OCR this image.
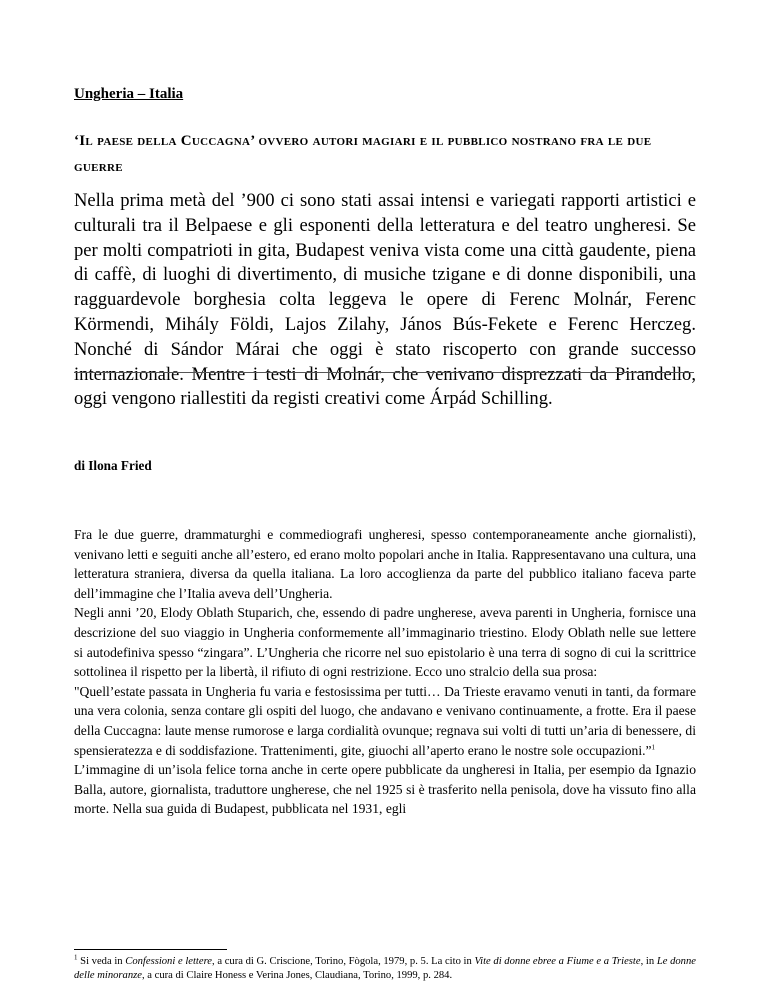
Ungheria – Italia
‘Il paese della Cuccagna’ ovvero autori magiari e il pubblico nostrano fra le due guerre
Nella prima metà del ’900 ci sono stati assai intensi e variegati rapporti artistici e culturali tra il Belpaese e gli esponenti della letteratura e del teatro ungheresi. Se per molti compatrioti in gita, Budapest veniva vista come una città gaudente, piena di caffè, di luoghi di divertimento, di musiche tzigane e di donne disponibili, una ragguardevole borghesia colta leggeva le opere di Ferenc Molnár, Ferenc Körmendi, Mihály Földi, Lajos Zilahy, János Bús-Fekete e Ferenc Herczeg. Nonché di Sándor Márai che oggi è stato riscoperto con grande successo internazionale. Mentre i testi di Molnár, che venivano disprezzati da Pirandello, oggi vengono riallestiti da registi creativi come Árpád Schilling.
di Ilona Fried

Fra le due guerre, drammaturghi e commediografi ungheresi, spesso contemporaneamente anche giornalisti), venivano letti e seguiti anche all’estero, ed erano molto popolari anche in Italia. Rappresentavano una cultura, una letteratura straniera, diversa da quella italiana. La loro accoglienza da parte del pubblico italiano faceva parte dell’immagine che l’Italia aveva dell’Ungheria.

Negli anni ’20, Elody Oblath Stuparich, che, essendo di padre ungherese, aveva parenti in Ungheria, fornisce una descrizione del suo viaggio in Ungheria conformemente all’immaginario triestino. Elody Oblath nelle sue lettere si autodefiniva spesso “zingara”. L’Ungheria che ricorre nel suo epistolario è una terra di sogno di cui la scrittrice sottolinea il rispetto per la libertà, il rifiuto di ogni restrizione. Ecco uno stralcio della sua prosa:

"Quell’estate passata in Ungheria fu varia e festosissima per tutti… Da Trieste eravamo venuti in tanti, da formare una vera colonia, senza contare gli ospiti del luogo, che andavano e venivano continuamente, a frotte. Era il paese della Cuccagna: laute mense rumorose e larga cordialità ovunque; regnava sui volti di tutti un’aria di benessere, di spensieratezza e di soddisfazione. Trattenimenti, gite, giuochi all’aperto erano le nostre sole occupazioni.”$^1$

L’immagine di un’isola felice torna anche in certe opere pubblicate da ungheresi in Italia, per esempio da Ignazio Balla, autore, giornalista, traduttore ungherese, che nel 1925 si è trasferito nella penisola, dove ha vissuto fino alla morte. Nella sua guida di Budapest, pubblicata nel 1931, egli

$^1$ Si veda in Confessioni e lettere, a cura di G. Criscione, Torino, Fògola, 1979, p. 5. La cito in Vite di donne ebree a Fiume e a Trieste, in Le donne delle minoranze, a cura di Claire Honess e Verina Jones, Claudiana, Torino, 1999, p. 284.
